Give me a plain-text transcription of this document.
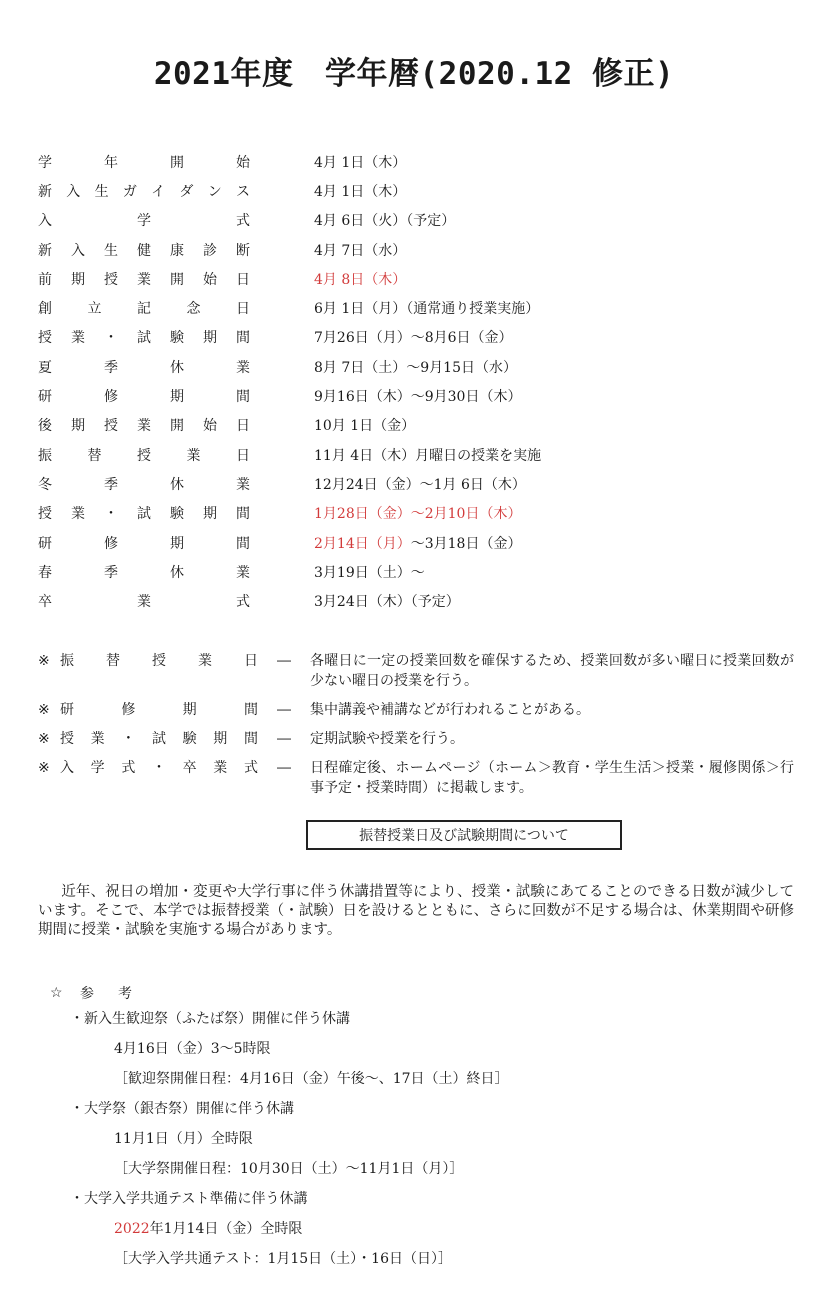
2021年度　学年暦(2020.12 修正)
学	年	開	始	4月 1日（木）
新 入 生 ガ イ ダ ン ス	4月 1日（木）
入	学	式	4月 6日（火）（予定）
新 入 生 健 康 診 断	4月 7日（水）
前 期 授 業 開 始 日	4月 8日（木）
創	立	記	念	日	6月 1日（月）（通常通り授業実施）
授 業 ・ 試 験 期 間	7月26日（月）～8月6日（金）
夏	季	休	業	8月 7日（土）～9月15日（水）
研	修	期	間	9月16日（木）～9月30日（木）
後 期 授 業 開 始 日	10月 1日（金）
振	替	授	業	日	11月 4日（木）月曜日の授業を実施
冬	季	休	業	12月24日（金）～1月 6日（木）
授 業 ・ 試 験 期 間	1月28日（金）～2月10日（木）
研	修	期	間	2月14日（月）～3月18日（金）
春	季	休	業	3月19日（土）～
卒	業	式	3月24日（木）（予定）
※ 振 替 授 業 日	―	各曜日に一定の授業回数を確保するため、授業回数が多い曜日に授業回数が少ない曜日の授業を行う。
※ 研	修	期	間	―	集中講義や補講などが行われることがある。
※ 授 業 ・ 試 験 期 間	―	定期試験や授業を行う。
※ 入 学 式 ・ 卒 業 式	―	日程確定後、ホームページ（ホーム＞教育・学生生活＞授業・履修関係＞行事予定・授業時間）に掲載します。
振替授業日及び試験期間について
近年、祝日の増加・変更や大学行事に伴う休講措置等により、授業・試験にあてることのできる日数が減少しています。そこで、本学では振替授業（・試験）日を設けるとともに、さらに回数が不足する場合は、休業期間や研修期間に授業・試験を実施する場合があります。
☆	参	考
・新入生歓迎祭（ふたば祭）開催に伴う休講
4月16日（金）3～5時限
［歓迎祭開催日程：4月16日（金）午後～、17日（土）終日］
・大学祭（銀杏祭）開催に伴う休講
11月1日（月）全時限
［大学祭開催日程：10月30日（土）～11月1日（月）］
・大学入学共通テスト準備に伴う休講
2022年1月14日（金）全時限
［大学入学共通テスト：1月15日（土）・16日（日）］
